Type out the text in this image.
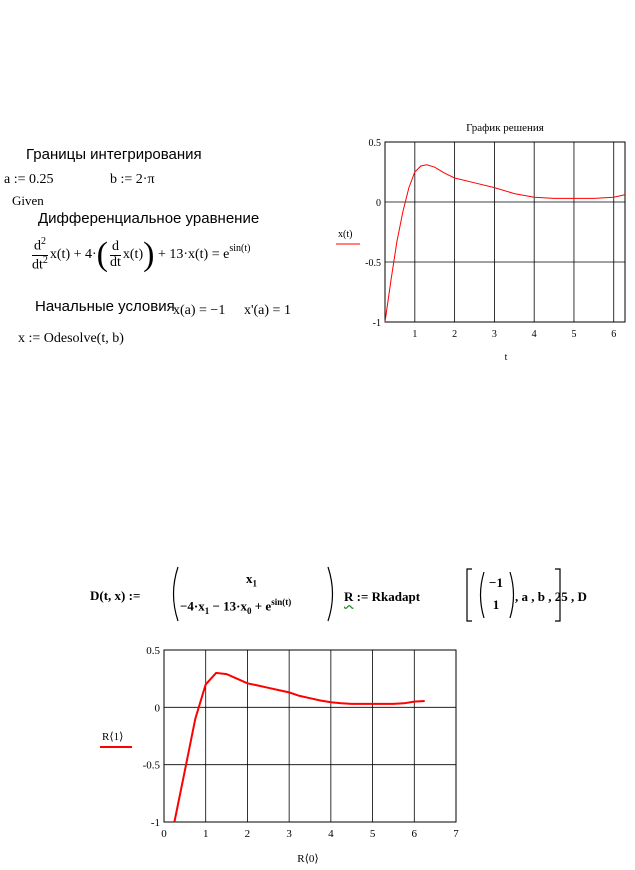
Границы интегрирования
a := 0.25	b := 2·π
Given
Дифференциальное уравнение
$\frac{d^2}{dt^2} x(t) + 4\cdot$ ( $\frac{d}{dt} x(t)$ ) + $13\cdot x(t) = e^{sin(t)}$
Начальные условия
x(a) = −1 x'(a) = 1
x := Odesolve(t, b)
График решения
0.5
0
-0.5
-1
1	2	3	4	5	6
x(t)
t
D(t, x) :=
$x_1$
$-4\cdot x_1 - 13\cdot x_0 + e^{sin(t)}$	R := Rkadapt
−1
1
, a , b , 25 , D
0.5
0
-0.5
-1
0	1	2	3	4	5	6	7
R⟨1⟩
R⟨0⟩
